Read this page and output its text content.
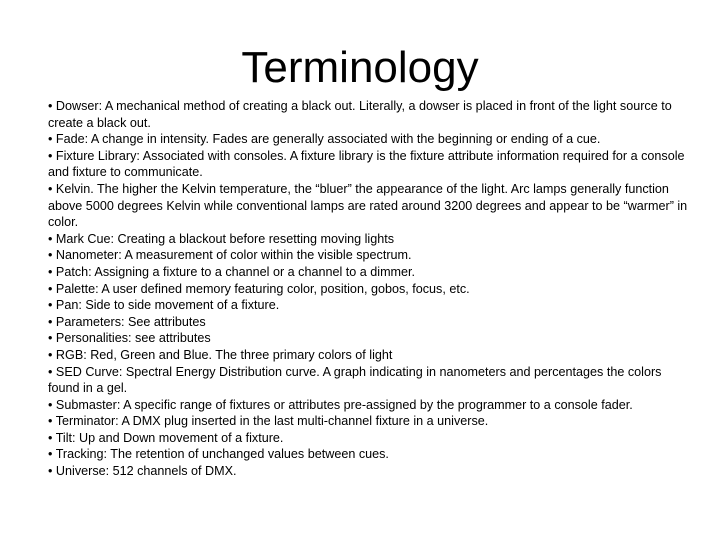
Terminology
• Dowser: A mechanical method of creating a black out. Literally, a dowser is placed in front of the light source to create a black out.
• Fade: A change in intensity. Fades are generally associated with the beginning or ending of a cue.
• Fixture Library: Associated with consoles. A fixture library is the fixture attribute information required for a console and fixture to communicate.
• Kelvin. The higher the Kelvin temperature, the “bluer” the appearance of the light. Arc lamps generally function above 5000 degrees Kelvin while conventional lamps are rated around 3200 degrees and appear to be “warmer” in color.
• Mark Cue: Creating a blackout before resetting moving lights
• Nanometer: A measurement of color within the visible spectrum.
• Patch: Assigning a fixture to a channel or a channel to a dimmer.
• Palette: A user defined memory featuring color, position, gobos, focus, etc.
• Pan: Side to side movement of a fixture.
• Parameters: See attributes
• Personalities: see attributes
• RGB: Red, Green and Blue. The three primary colors of light
• SED Curve: Spectral Energy Distribution curve. A graph indicating in nanometers and percentages the colors found in a gel.
• Submaster: A specific range of fixtures or attributes pre-assigned by the programmer to a console fader.
• Terminator: A DMX plug inserted in the last multi-channel fixture in a universe.
• Tilt: Up and Down movement of a fixture.
• Tracking: The retention of unchanged values between cues.
• Universe: 512 channels of DMX.
